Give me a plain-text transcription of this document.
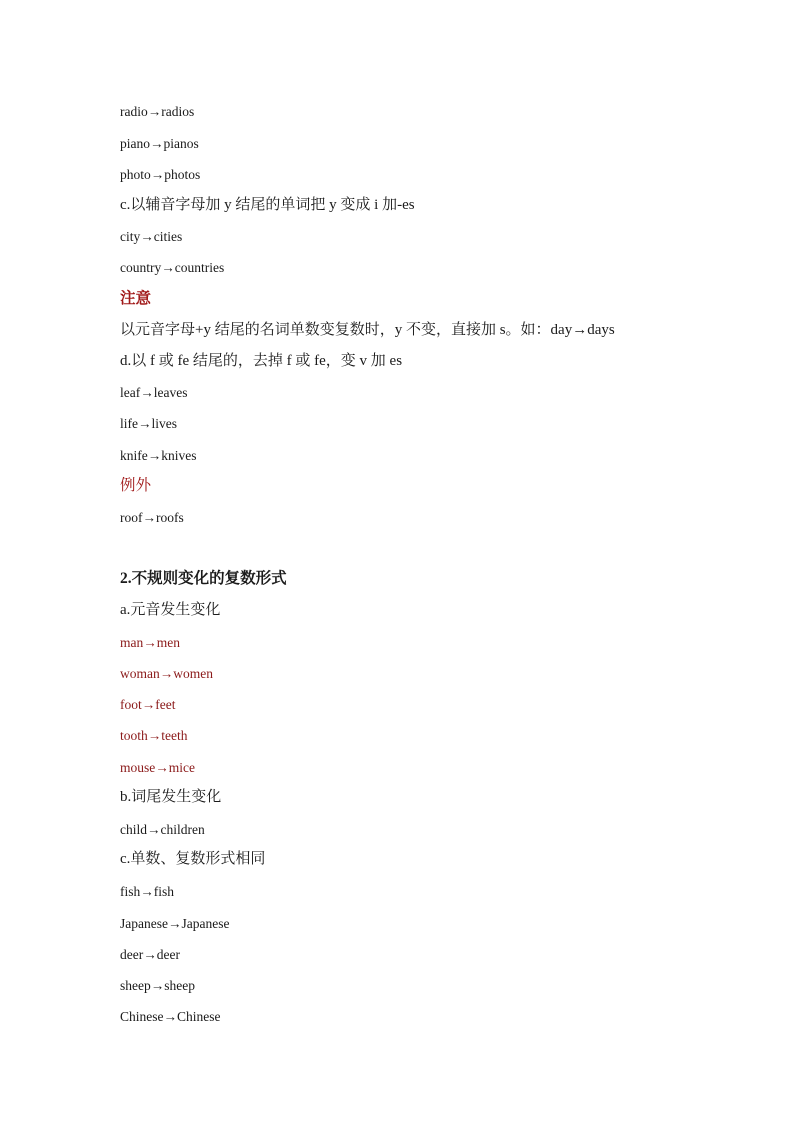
radio→radios
piano→pianos
photo→photos
c.以辅音字母加 y 结尾的单词把 y 变成 i 加-es
city→cities
country→countries
注意
以元音字母+y 结尾的名词单数变复数时，y 不变，直接加 s。如：day→days
d.以 f 或 fe 结尾的，去掉 f 或 fe，变 v 加 es
leaf→leaves
life→lives
knife→knives
例外
roof→roofs
2.不规则变化的复数形式
a.元音发生变化
man→men
woman→women
foot→feet
tooth→teeth
mouse→mice
b.词尾发生变化
child→children
c.单数、复数形式相同
fish→fish
Japanese→Japanese
deer→deer
sheep→sheep
Chinese→Chinese
